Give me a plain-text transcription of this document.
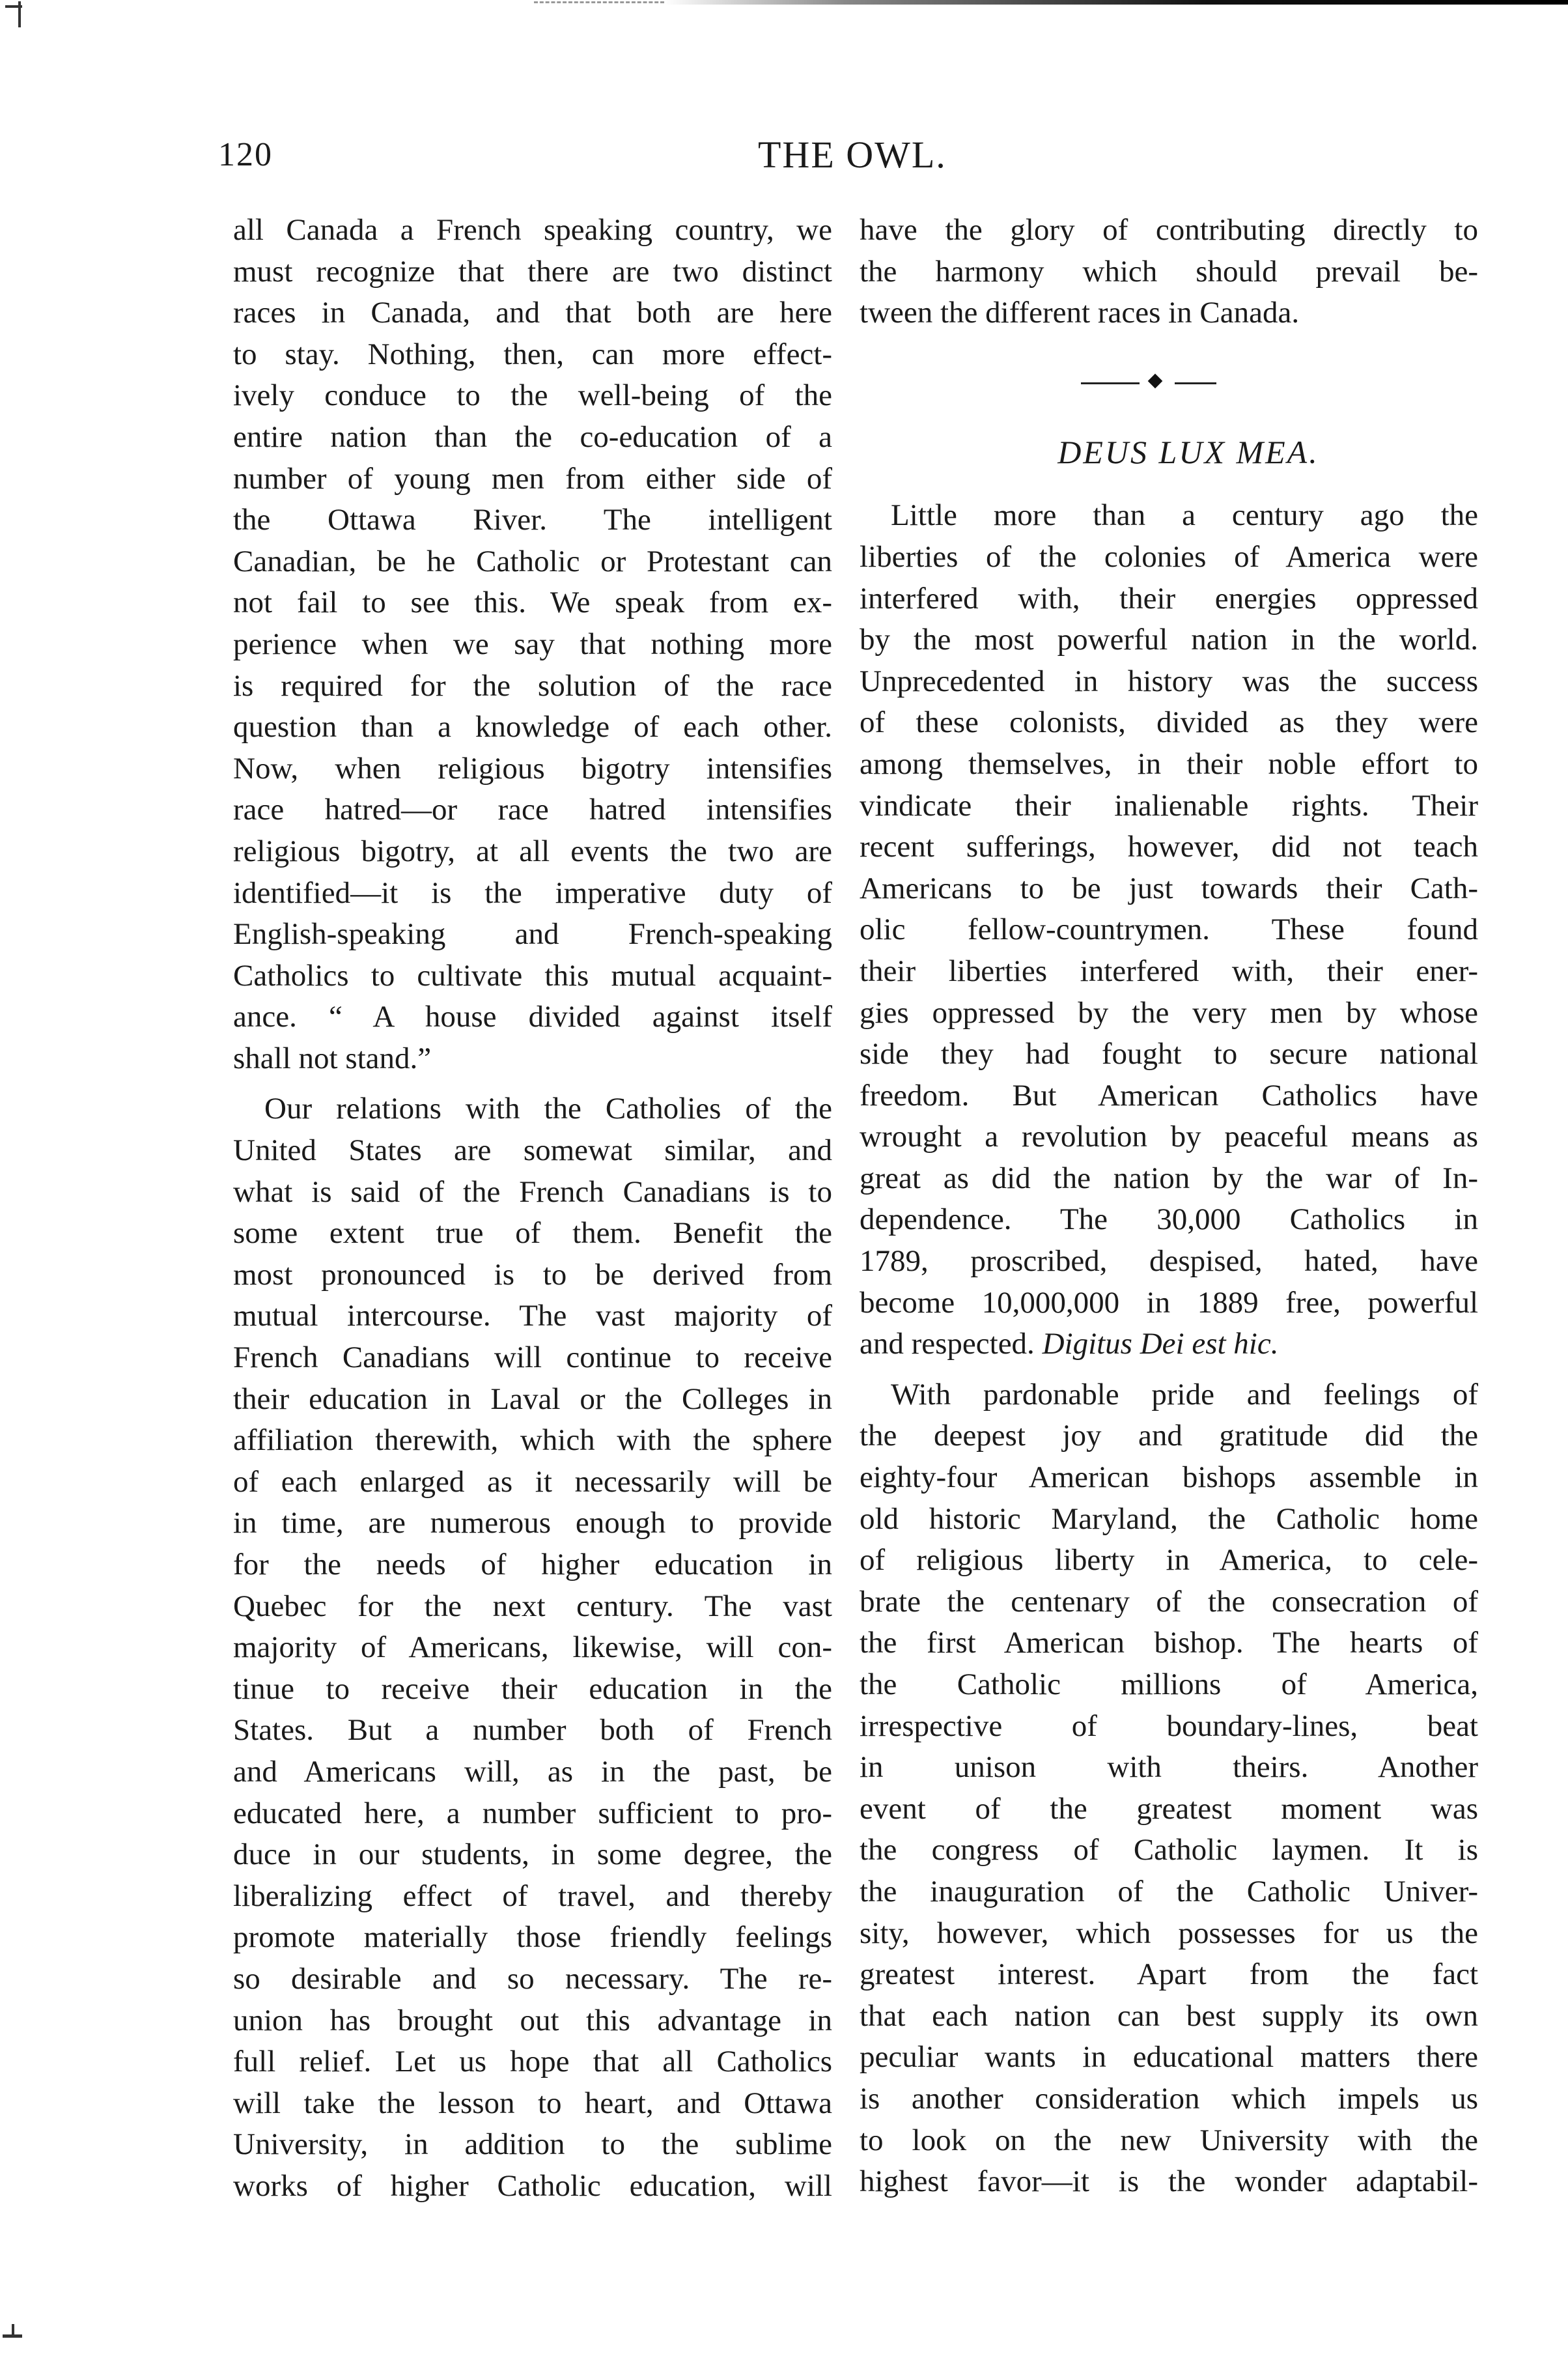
120	THE OWL.
all Canada a French speaking country, we
must recognize that there are two distinct
races in Canada, and that both are here
to stay. Nothing, then, can more effect-
ively conduce to the well-being of the
entire nation than the co-education of a
number of young men from either side of
the Ottawa River. The intelligent
Canadian, be he Catholic or Protestant can
not fail to see this. We speak from ex-
perience when we say that nothing more
is required for the solution of the race
question than a knowledge of each other.
Now, when religious bigotry intensifies
race hatred—or race hatred intensifies
religious bigotry, at all events the two are
identified—it is the imperative duty of
English-speaking and French-speaking
Catholics to cultivate this mutual acquaint-
ance. “ A house divided against itself
shall not stand.”
Our relations with the Catholies of the
United States are somewat similar, and
what is said of the French Canadians is to
some extent true of them. Benefit the
most pronounced is to be derived from
mutual intercourse. The vast majority of
French Canadians will continue to receive
their education in Laval or the Colleges in
affiliation therewith, which with the sphere
of each enlarged as it necessarily will be
in time, are numerous enough to provide
for the needs of higher education in
Quebec for the next century. The vast
majority of Americans, likewise, will con-
tinue to receive their education in the
States. But a number both of French
and Americans will, as in the past, be
educated here, a number sufficient to pro-
duce in our students, in some degree, the
liberalizing effect of travel, and thereby
promote materially those friendly feelings
so desirable and so necessary. The re-
union has brought out this advantage in
full relief. Let us hope that all Catholics
will take the lesson to heart, and Ottawa
University, in addition to the sublime
works of higher Catholic education, will
have the glory of contributing directly to
the harmony which should prevail be-
tween the different races in Canada.
DEUS LUX MEA.
Little more than a century ago the
liberties of the colonies of America were
interfered with, their energies oppressed
by the most powerful nation in the world.
Unprecedented in history was the success
of these colonists, divided as they were
among themselves, in their noble effort to
vindicate their inalienable rights. Their
recent sufferings, however, did not teach
Americans to be just towards their Cath-
olic fellow-countrymen. These found
their liberties interfered with, their ener-
gies oppressed by the very men by whose
side they had fought to secure national
freedom. But American Catholics have
wrought a revolution by peaceful means as
great as did the nation by the war of In-
dependence. The 30,000 Catholics in
1789, proscribed, despised, hated, have
become 10,000,000 in 1889 free, powerful
and respected. Digitus Dei est hic.
With pardonable pride and feelings of
the deepest joy and gratitude did the
eighty-four American bishops assemble in
old historic Maryland, the Catholic home
of religious liberty in America, to cele-
brate the centenary of the consecration of
the first American bishop. The hearts of
the Catholic millions of America,
irrespective of boundary-lines, beat
in unison with theirs. Another
event of the greatest moment was
the congress of Catholic laymen. It is
the inauguration of the Catholic Univer-
sity, however, which possesses for us the
greatest interest. Apart from the fact
that each nation can best supply its own
peculiar wants in educational matters there
is another consideration which impels us
to look on the new University with the
highest favor—it is the wonder adaptabil-
